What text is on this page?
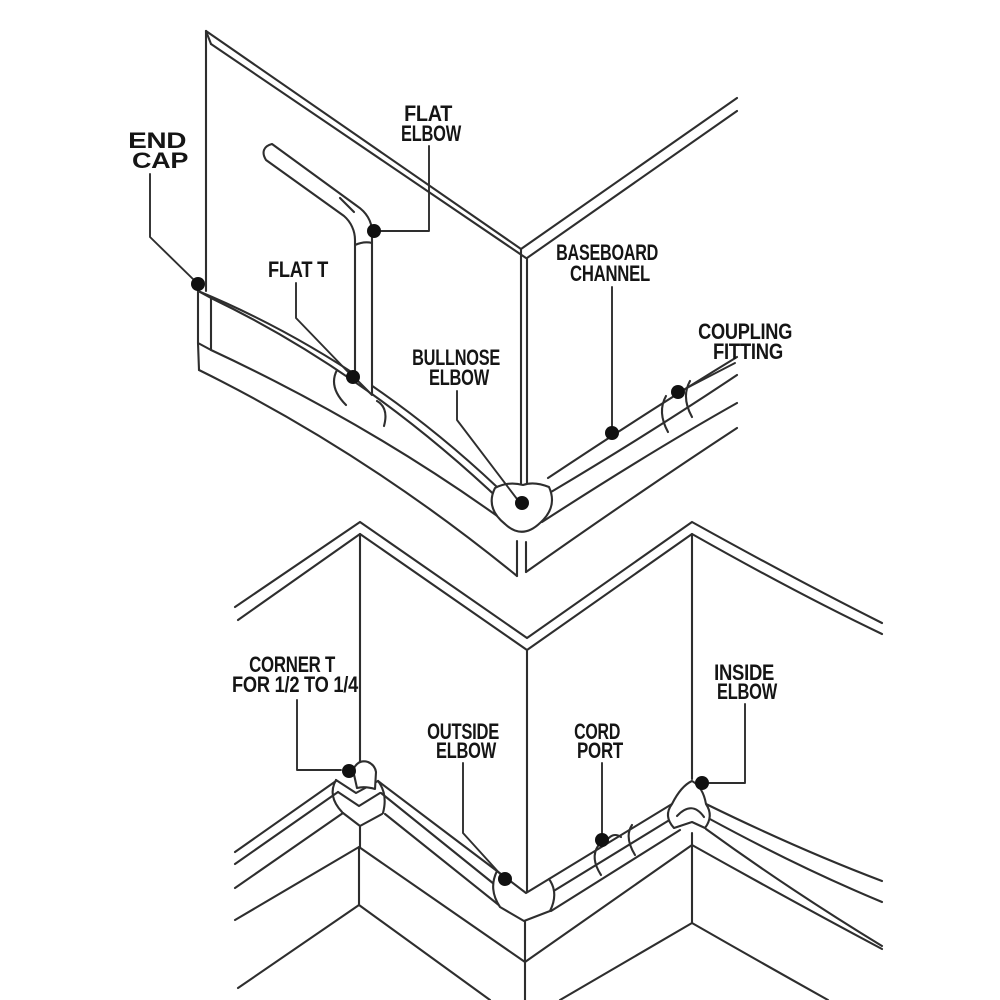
END CAP
FLAT ELBOW
FLAT T
BASEBOARD CHANNEL
COUPLING FITTING
BULLNOSE ELBOW
CORNER T FOR 1/2 TO 1/4
OUTSIDE ELBOW
CORD PORT
INSIDE ELBOW
